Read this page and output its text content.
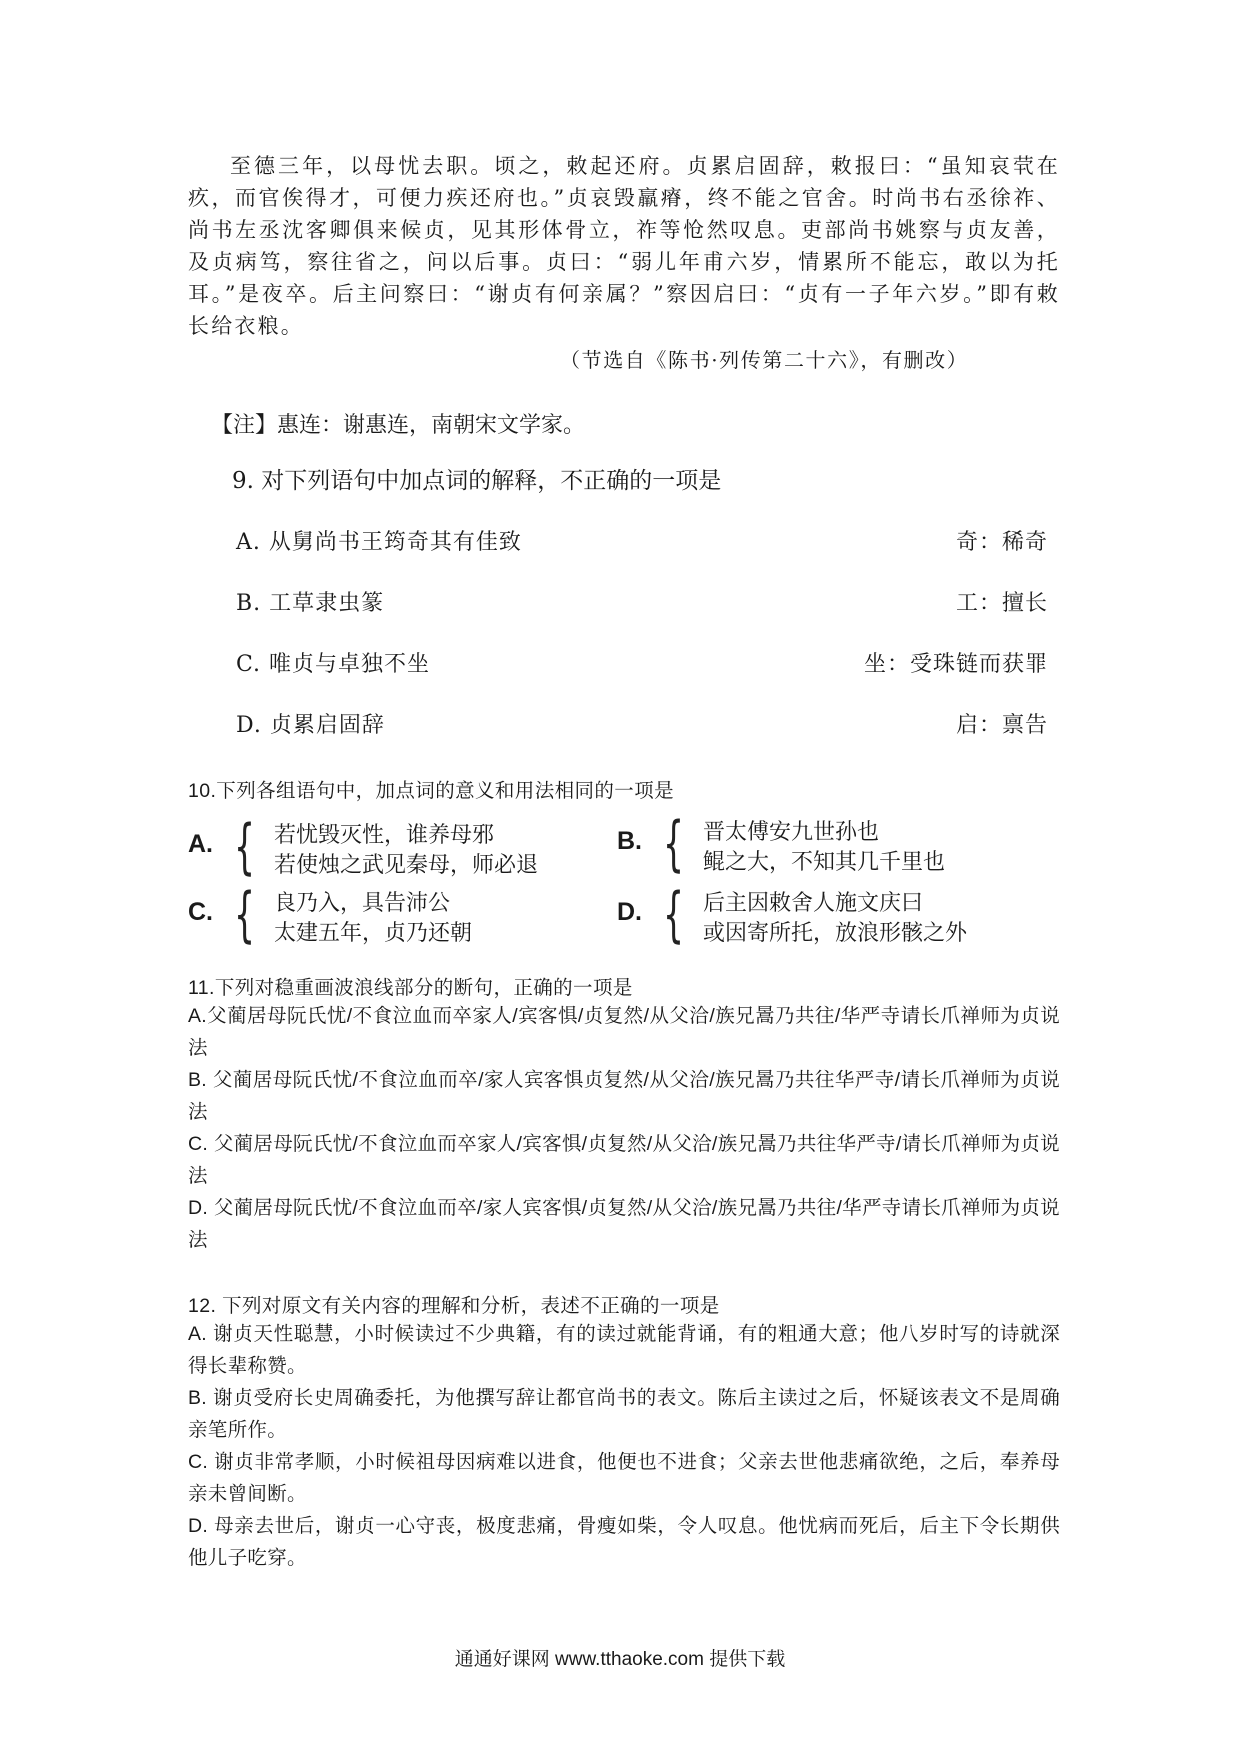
至德三年，以母忧去职。顷之，敕起还府。贞累启固辞，敕报曰：“虽知哀茕在疚，而官俟得才，可便力疾还府也。”贞哀毁羸瘠，终不能之官舍。时尚书右丞徐祚、尚书左丞沈客卿俱来候贞，见其形体骨立，祚等怆然叹息。吏部尚书姚察与贞友善，及贞病笃，察往省之，问以后事。贞曰：“弱儿年甫六岁，情累所不能忘，敢以为托耳。”是夜卒。后主问察曰：“谢贞有何亲属？”察因启曰：“贞有一子年六岁。”即有敕长给衣粮。

（节选自《陈书·列传第二十六》，有删改）
【注】惠连：谢惠连，南朝宋文学家。
9. 对下列语句中加点词的解释，不正确的一项是
A. 从舅尚书王筠奇其有佳致	奇：稀奇
B. 工草隶虫篆	工：擅长
C. 唯贞与卓独不坐	坐：受珠链而获罪
D. 贞累启固辞	启：禀告
10.下列各组语句中，加点词的意义和用法相同的一项是
A. { 若忧毁灭性，谁养母邪
若使烛之武见秦母，师必退
B. { 晋太傅安九世孙也
鲲之大，不知其几千里也
C. { 良乃入，具告沛公
太建五年，贞乃还朝
D. { 后主因敕舍人施文庆曰
或因寄所托，放浪形骸之外
11.下列对稳重画波浪线部分的断句，正确的一项是
A.父蔺居母阮氏忧/不食泣血而卒家人/宾客惧/贞复然/从父洽/族兄暠乃共往/华严寺请长爪禅师为贞说法
B. 父蔺居母阮氏忧/不食泣血而卒/家人宾客惧贞复然/从父洽/族兄暠乃共往华严寺/请长爪禅师为贞说法
C. 父蔺居母阮氏忧/不食泣血而卒家人/宾客惧/贞复然/从父洽/族兄暠乃共往华严寺/请长爪禅师为贞说法
D. 父蔺居母阮氏忧/不食泣血而卒/家人宾客惧/贞复然/从父洽/族兄暠乃共往/华严寺请长爪禅师为贞说法
12. 下列对原文有关内容的理解和分析，表述不正确的一项是
A. 谢贞天性聪慧，小时候读过不少典籍，有的读过就能背诵，有的粗通大意；他八岁时写的诗就深得长辈称赞。
B. 谢贞受府长史周确委托，为他撰写辞让都官尚书的表文。陈后主读过之后，怀疑该表文不是周确亲笔所作。
C. 谢贞非常孝顺，小时候祖母因病难以进食，他便也不进食；父亲去世他悲痛欲绝，之后，奉养母亲未曾间断。
D. 母亲去世后，谢贞一心守丧，极度悲痛，骨瘦如柴，令人叹息。他忧病而死后，后主下令长期供他儿子吃穿。
通通好课网 www.tthaoke.com 提供下载
